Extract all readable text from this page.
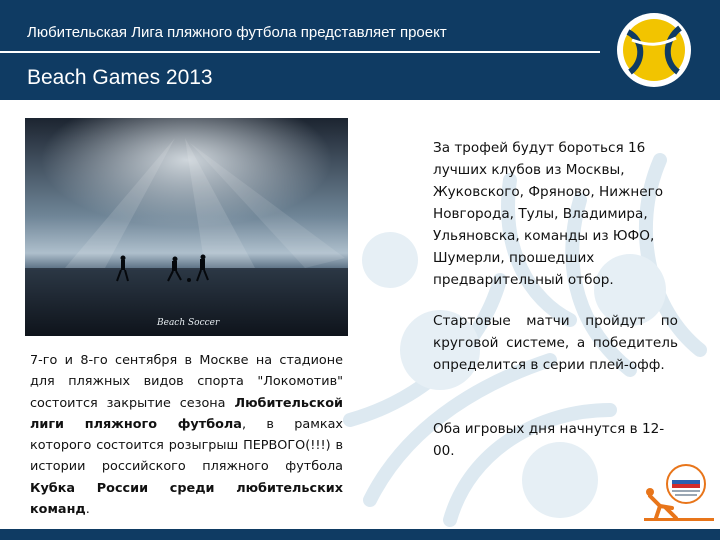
Любительская Лига пляжного футбола представляет проект
Beach Games 2013
Beach Soccer

7-го и 8-го сентября в Москве на стадионе для пляжных видов спорта "Локомотив" состоится закрытие сезона Любительской лиги пляжного футбола, в рамках которого состоится розыгрыш ПЕРВОГО(!!!) в истории российского пляжного футбола Кубка России среди любительских команд.

За трофей будут бороться 16 лучших клубов из Москвы, Жуковского, Фряново, Нижнего Новгорода, Тулы, Владимира, Ульяновска, команды из ЮФО, Шумерли, прошедших предварительный отбор.

Стартовые матчи пройдут по круговой системе, а победитель определится в серии плей-офф.

Оба игровых дня начнутся в 12-00.
